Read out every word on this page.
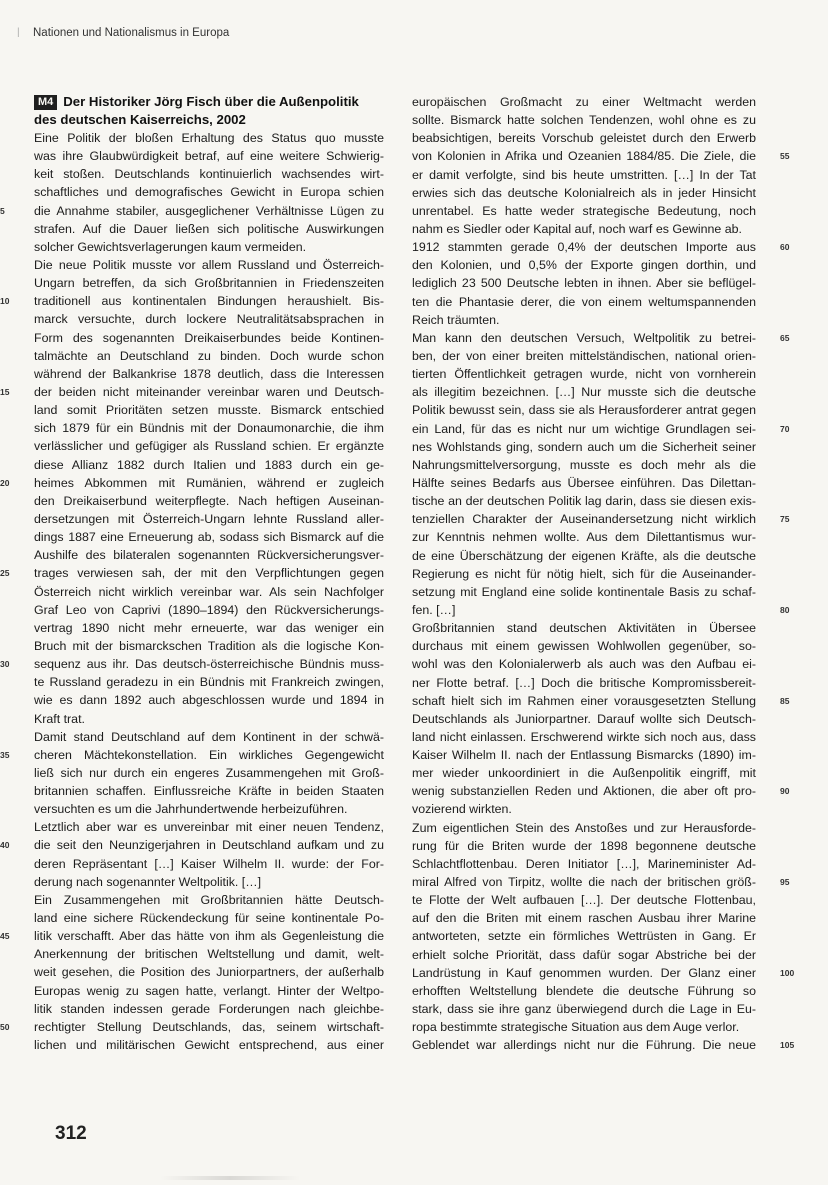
| Nationen und Nationalismus in Europa

M4 Der Historiker Jörg Fisch über die Außenpolitik
des deutschen Kaiserreichs, 2002

Eine Politik der bloßen Erhaltung des Status quo musste
was ihre Glaubwürdigkeit betraf, auf eine weitere Schwierig-
keit stoßen. Deutschlands kontinuierlich wachsendes wirt-
schaftliches und demografisches Gewicht in Europa schien
die Annahme stabiler, ausgeglichener Verhältnisse Lügen zu
5
strafen. Auf die Dauer ließen sich politische Auswirkungen
solcher Gewichtsverlagerungen kaum vermeiden.
Die neue Politik musste vor allem Russland und Österreich-
Ungarn betreffen, da sich Großbritannien in Friedenszeiten
traditionell aus kontinentalen Bindungen heraushielt. Bis-
10
marck versuchte, durch lockere Neutralitätsabsprachen in
Form des sogenannten Dreikaiserbundes beide Kontinen-
talmächte an Deutschland zu binden. Doch wurde schon
während der Balkankrise 1878 deutlich, dass die Interessen
der beiden nicht miteinander vereinbar waren und Deutsch-
15
land somit Prioritäten setzen musste. Bismarck entschied
sich 1879 für ein Bündnis mit der Donaumonarchie, die ihm
verlässlicher und gefügiger als Russland schien. Er ergänzte
diese Allianz 1882 durch Italien und 1883 durch ein ge-
heimes Abkommen mit Rumänien, während er zugleich
20
den Dreikaiserbund weiterpflegte. Nach heftigen Auseinan-
dersetzungen mit Österreich-Ungarn lehnte Russland aller-
dings 1887 eine Erneuerung ab, sodass sich Bismarck auf die
Aushilfe des bilateralen sogenannten Rückversicherungsver-
trages verwiesen sah, der mit den Verpflichtungen gegen
25
Österreich nicht wirklich vereinbar war. Als sein Nachfolger
Graf Leo von Caprivi (1890–1894) den Rückversicherungs-
vertrag 1890 nicht mehr erneuerte, war das weniger ein
Bruch mit der bismarckschen Tradition als die logische Kon-
sequenz aus ihr. Das deutsch-österreichische Bündnis muss-
30
te Russland geradezu in ein Bündnis mit Frankreich zwingen,
wie es dann 1892 auch abgeschlossen wurde und 1894 in
Kraft trat.
Damit stand Deutschland auf dem Kontinent in der schwä-
cheren Mächtekonstellation. Ein wirkliches Gegengewicht
35
ließ sich nur durch ein engeres Zusammengehen mit Groß-
britannien schaffen. Einflussreiche Kräfte in beiden Staaten
versuchten es um die Jahrhundertwende herbeizuführen.
Letztlich aber war es unvereinbar mit einer neuen Tendenz,
die seit den Neunzigerjahren in Deutschland aufkam und zu
40
deren Repräsentant […] Kaiser Wilhelm II. wurde: der For-
derung nach sogenannter Weltpolitik. […]
Ein Zusammengehen mit Großbritannien hätte Deutsch-
land eine sichere Rückendeckung für seine kontinentale Po-
litik verschafft. Aber das hätte von ihm als Gegenleistung die
45
Anerkennung der britischen Weltstellung und damit, welt-
weit gesehen, die Position des Juniorpartners, der außerhalb
Europas wenig zu sagen hatte, verlangt. Hinter der Weltpo-
litik standen indessen gerade Forderungen nach gleichbe-
rechtigter Stellung Deutschlands, das, seinem wirtschaft-
50
lichen und militärischen Gewicht entsprechend, aus einer
europäischen Großmacht zu einer Weltmacht werden
sollte. Bismarck hatte solchen Tendenzen, wohl ohne es zu
beabsichtigen, bereits Vorschub geleistet durch den Erwerb
von Kolonien in Afrika und Ozeanien 1884/85. Die Ziele, die	55
er damit verfolgte, sind bis heute umstritten. […] In der Tat
erwies sich das deutsche Kolonialreich als in jeder Hinsicht
unrentabel. Es hatte weder strategische Bedeutung, noch
nahm es Siedler oder Kapital auf, noch warf es Gewinne ab.
1912 stammten gerade 0,4% der deutschen Importe aus	60
den Kolonien, und 0,5% der Exporte gingen dorthin, und
lediglich 23 500 Deutsche lebten in ihnen. Aber sie beflügel-
ten die Phantasie derer, die von einem weltumspannenden
Reich träumten.
Man kann den deutschen Versuch, Weltpolitik zu betrei-	65
ben, der von einer breiten mittelständischen, national orien-
tierten Öffentlichkeit getragen wurde, nicht von vornherein
als illegitim bezeichnen. […] Nur musste sich die deutsche
Politik bewusst sein, dass sie als Herausforderer antrat gegen
ein Land, für das es nicht nur um wichtige Grundlagen sei-	70
nes Wohlstands ging, sondern auch um die Sicherheit seiner
Nahrungsmittelversorgung, musste es doch mehr als die
Hälfte seines Bedarfs aus Übersee einführen. Das Dilettan-
tische an der deutschen Politik lag darin, dass sie diesen exis-
tenziellen Charakter der Auseinandersetzung nicht wirklich	75
zur Kenntnis nehmen wollte. Aus dem Dilettantismus wur-
de eine Überschätzung der eigenen Kräfte, als die deutsche
Regierung es nicht für nötig hielt, sich für die Auseinander-
setzung mit England eine solide kontinentale Basis zu schaf-
fen. […]	80
Großbritannien stand deutschen Aktivitäten in Übersee
durchaus mit einem gewissen Wohlwollen gegenüber, so-
wohl was den Kolonialerwerb als auch was den Aufbau ei-
ner Flotte betraf. […] Doch die britische Kompromissbereit-
schaft hielt sich im Rahmen einer vorausgesetzten Stellung	85
Deutschlands als Juniorpartner. Darauf wollte sich Deutsch-
land nicht einlassen. Erschwerend wirkte sich noch aus, dass
Kaiser Wilhelm II. nach der Entlassung Bismarcks (1890) im-
mer wieder unkoordiniert in die Außenpolitik eingriff, mit
wenig substanziellen Reden und Aktionen, die aber oft pro-	90
vozierend wirkten.
Zum eigentlichen Stein des Anstoßes und zur Herausforde-
rung für die Briten wurde der 1898 begonnene deutsche
Schlachtflottenbau. Deren Initiator […], Marineminister Ad-
miral Alfred von Tirpitz, wollte die nach der britischen größ-	95
te Flotte der Welt aufbauen […]. Der deutsche Flottenbau,
auf den die Briten mit einem raschen Ausbau ihrer Marine
antworteten, setzte ein förmliches Wettrüsten in Gang. Er
erhielt solche Priorität, dass dafür sogar Abstriche bei der
Landrüstung in Kauf genommen wurden. Der Glanz einer	100
erhofften Weltstellung blendete die deutsche Führung so
stark, dass sie ihre ganz überwiegend durch die Lage in Eu-
ropa bestimmte strategische Situation aus dem Auge verlor.
Geblendet war allerdings nicht nur die Führung. Die neue	105
312
